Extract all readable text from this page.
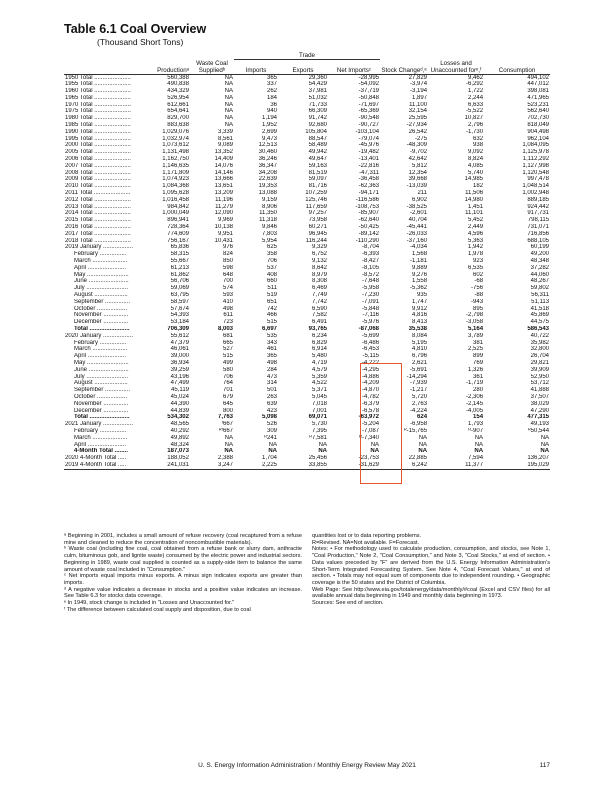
Table 6.1 Coal Overview
(Thousand Short Tons)
			Trade					
	Productionᵃ	Waste Coal Suppliedᵇ	Imports	Exports	Net Importsᶜ	Stock Changeᵈ,ᵉ	Losses and Unaccounted forᵉ,ᶠ	Consumption
1950 Total ......................	560,388	NA	365	29,360	-28,995	27,829	9,462	494,102
1955 Total ......................	490,838	NA	337	54,429	-54,092	-3,974	-6,292	447,012
1960 Total ......................	434,329	NA	262	37,981	-37,719	-3,194	1,722	398,081
1965 Total ......................	526,954	NA	184	51,032	-50,848	1,897	2,244	471,965
1970 Total ......................	612,661	NA	36	71,733	-71,697	11,100	6,633	523,231
1975 Total ......................	654,641	NA	940	66,309	-65,369	32,154	-5,522	562,640
1980 Total ......................	829,700	NA	1,194	91,742	-90,548	25,595	10,827	702,730
1985 Total ......................	883,638	NA	1,952	92,680	-90,727	-27,934	2,796	818,049
1990 Total ......................	1,029,076	3,339	2,699	105,804	-103,104	26,542	-1,730	904,498
1995 Total ......................	1,032,974	8,561	9,473	88,547	-79,074	-275	632	962,104
2000 Total ......................	1,073,612	9,089	12,513	58,489	-45,976	-48,309	938	1,084,095
2005 Total ......................	1,131,498	13,352	30,460	49,942	-19,482	-9,702	9,092	1,125,978
2006 Total ......................	1,162,750	14,409	36,246	49,647	-13,401	42,642	8,824	1,112,292
2007 Total ......................	1,146,635	14,076	36,347	59,163	-22,816	5,812	4,085	1,127,998
2008 Total ......................	1,171,809	14,146	34,208	81,519	-47,311	12,354	5,740	1,120,548
2009 Total ......................	1,074,923	13,666	22,639	59,097	-36,458	39,668	14,985	997,478
2010 Total ......................	1,084,368	13,651	19,353	81,716	-62,363	-13,039	182	1,048,514
2011 Total ......................	1,095,628	13,209	13,088	107,259	-94,171	211	11,506	1,002,948
2012 Total ......................	1,016,458	11,196	9,159	125,746	-116,586	6,902	14,980	889,185
2013 Total ......................	984,842	11,279	8,906	117,659	-108,753	-38,525	1,451	924,442
2014 Total ......................	1,000,049	12,090	11,350	97,257	-85,907	-2,601	11,101	917,731
2015 Total ......................	896,941	9,969	11,318	73,958	-62,640	40,704	5,452	798,115
2016 Total ......................	728,364	10,138	9,846	60,271	-50,425	-45,441	2,449	731,071
2017 Total ......................	774,609	9,951	7,803	96,945	-89,142	-26,033	4,596	716,856
2018 Total ......................	756,167	10,431	5,954	116,244	-110,290	-37,160	5,363	688,105
2019 January ..................	65,836	976	625	9,329	-8,704	-4,034	1,942	60,199
February ................	58,315	824	358	6,752	-6,393	1,568	1,978	49,200
March .....................	55,667	850	706	9,132	-8,427	-1,181	923	48,348
April .......................	61,213	598	537	8,642	-8,105	9,889	6,535	37,282
May .........................	61,862	648	408	8,979	-8,572	9,276	602	44,060
June ........................	56,706	700	660	8,308	-7,648	1,558	-68	48,267
July .........................	59,069	574	511	6,469	-5,958	-5,362	-756	59,802
August ....................	63,795	593	519	7,749	-7,230	935	-88	56,311
September ...............	58,597	410	651	7,742	-7,091	1,747	-943	51,113
October ..................	57,674	498	742	6,590	-5,848	9,912	895	41,518
November ...............	54,393	611	466	7,582	-7,116	4,816	-2,798	45,869
December ...............	53,184	723	515	6,491	-5,976	8,413	-3,058	44,575
Total ........................	706,309	8,003	6,697	93,765	-87,068	35,538	5,164	586,543
2020 January ..................	55,612	681	535	6,234	-5,699	8,084	3,789	40,722
February ................	47,379	665	343	6,829	-6,486	5,195	381	35,982
March .....................	46,061	527	461	6,914	-6,453	4,810	2,525	32,800
April .......................	39,000	515	365	5,480	-5,115	6,796	899	26,704
May .........................	36,934	499	498	4,719	-4,222	2,621	769	29,821
June ........................	39,259	580	284	4,579	-4,295	-5,691	1,326	39,909
July .........................	43,196	706	473	5,359	-4,886	-14,294	361	52,950
August ....................	47,499	764	314	4,522	-4,209	-7,939	-1,719	53,712
September ...............	45,119	701	501	5,371	-4,870	-1,217	280	41,888
October ..................	45,024	679	263	5,045	-4,782	5,720	-2,306	37,507
November ...............	44,390	645	639	7,018	-6,379	2,763	-2,145	38,029
December ...............	44,839	800	423	7,001	-6,578	-4,224	-4,005	47,290
Total ........................	534,302	7,763	5,098	69,071	-63,972	624	154	477,315
2021 January ..................	48,565	ᶠ667	526	5,730	-5,204	-6,958	1,793	49,193
February ................	40,292	ᴿᶠ667	309	7,395	-7,087	ᴿ-15,765	ᴿ-907	ᴿ50,544
March .....................	49,892	NA	ᴿ241	ᴿ7,581	ᴿ-7,340	NA	NA	NA
April .......................	48,324	NA	NA	NA	NA	NA	NA	NA
4-Month Total ........	187,073	NA	NA	NA	NA	NA	NA	NA
2020 4-Month Total .....	188,052	2,388	1,704	25,456	-23,753	22,885	7,594	136,207
2019 4-Month Total .....	241,031	3,247	2,225	33,855	-31,629	6,242	11,377	195,029

ᵃ Beginning in 2001, includes a small amount of refuse recovery (coal recaptured from a refuse mine and cleaned to reduce the concentration of noncombustible materials).

ᵇ Waste coal (including fine coal, coal obtained from a refuse bank or slurry dam, anthracite culm, bituminous gob, and lignite waste) consumed by the electric power and industrial sectors. Beginning in 1989, waste coal supplied is counted as a supply-side item to balance the same amount of waste coal included in "Consumption."

ᶜ Net imports equal imports minus exports. A minus sign indicates exports are greater than imports.

ᵈ A negative value indicates a decrease in stocks and a positive value indicates an increase. See Table 6.3 for stocks data coverage.

ᵉ In 1949, stock change is included in "Losses and Unaccounted for."

ᶠ The difference between calculated coal supply and disposition, due to coal

quantities lost or to data reporting problems.

R=Revised. NA=Not available. F=Forecast.

Notes: • For methodology used to calculate production, consumption, and stocks, see Note 1, "Coal Production," Note 2, "Coal Consumption," and Note 3, "Coal Stocks," at end of section. • Data values preceded by "F" are derived from the U.S. Energy Information Administration's Short-Term Integrated Forecasting System. See Note 4, "Coal Forecast Values," at end of section. • Totals may not equal sum of components due to independent rounding. • Geographic coverage is the 50 states and the District of Columbia.

Web Page: See http://www.eia.gov/totalenergy/data/monthly/#coal (Excel and CSV files) for all available annual data beginning in 1949 and monthly data beginning in 1973.

Sources: See end of section.

U. S. Energy Information Administration / Monthly Energy Review May 2021	117
